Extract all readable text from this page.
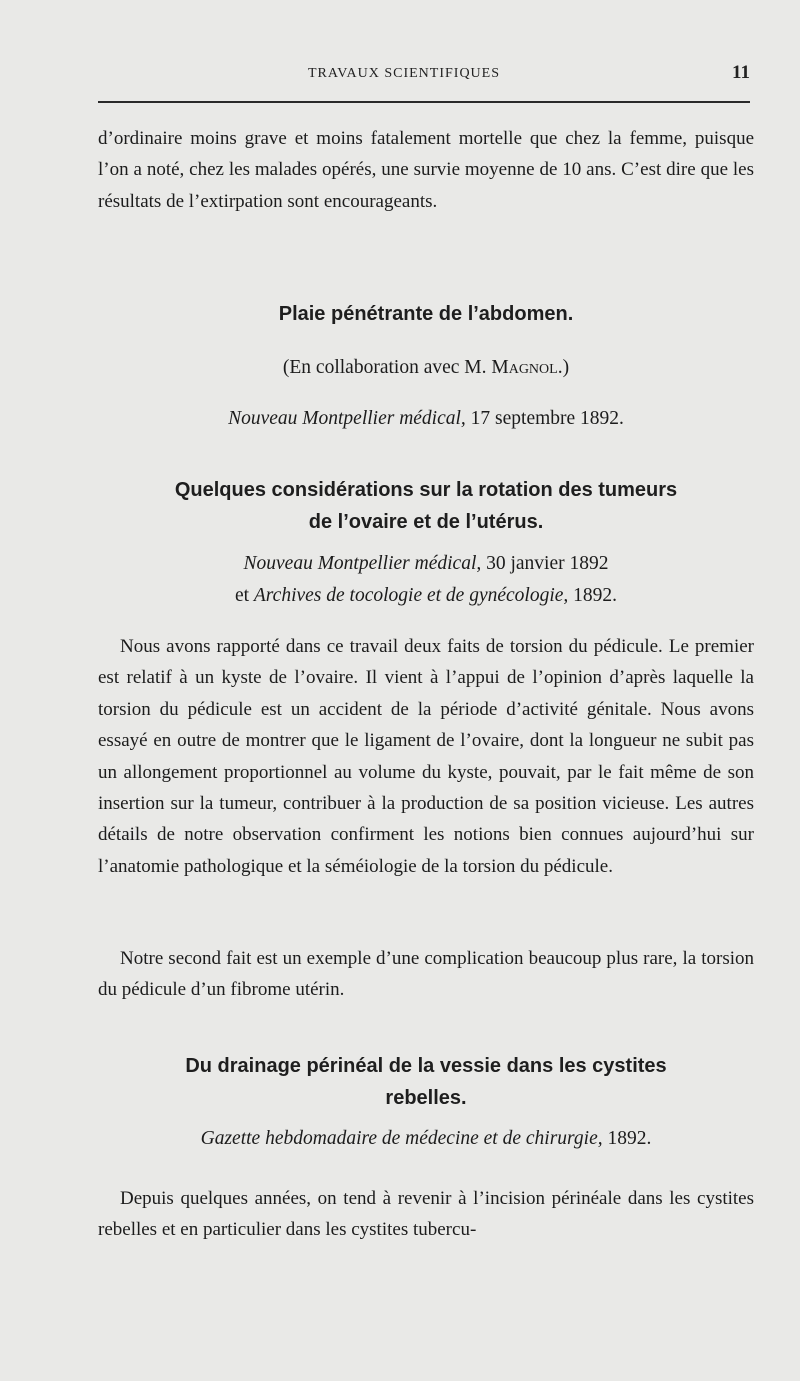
TRAVAUX SCIENTIFIQUES	11

d’ordinaire moins grave et moins fatalement mortelle que chez la femme, puisque l’on a noté, chez les malades opérés, une survie moyenne de 10 ans. C’est dire que les résultats de l’extirpation sont encourageants.

Plaie pénétrante de l’abdomen.

(En collaboration avec M. Magnol.)

Nouveau Montpellier médical, 17 septembre 1892.

Quelques considérations sur la rotation des tumeurs
de l’ovaire et de l’utérus.

Nouveau Montpellier médical, 30 janvier 1892

et Archives de tocologie et de gynécologie, 1892.

Nous avons rapporté dans ce travail deux faits de torsion du pédicule. Le premier est relatif à un kyste de l’ovaire. Il vient à l’appui de l’opinion d’après laquelle la torsion du pédicule est un accident de la période d’activité génitale. Nous avons essayé en outre de montrer que le ligament de l’ovaire, dont la longueur ne subit pas un allongement proportionnel au volume du kyste, pouvait, par le fait même de son insertion sur la tumeur, contribuer à la production de sa position vicieuse. Les autres détails de notre observation confirment les notions bien connues aujourd’hui sur l’anatomie pathologique et la séméiologie de la torsion du pédicule.

Notre second fait est un exemple d’une complication beaucoup plus rare, la torsion du pédicule d’un fibrome utérin.

Du drainage périnéal de la vessie dans les cystites
rebelles.

Gazette hebdomadaire de médecine et de chirurgie, 1892.

Depuis quelques années, on tend à revenir à l’incision périnéale dans les cystites rebelles et en particulier dans les cystites tubercu-
